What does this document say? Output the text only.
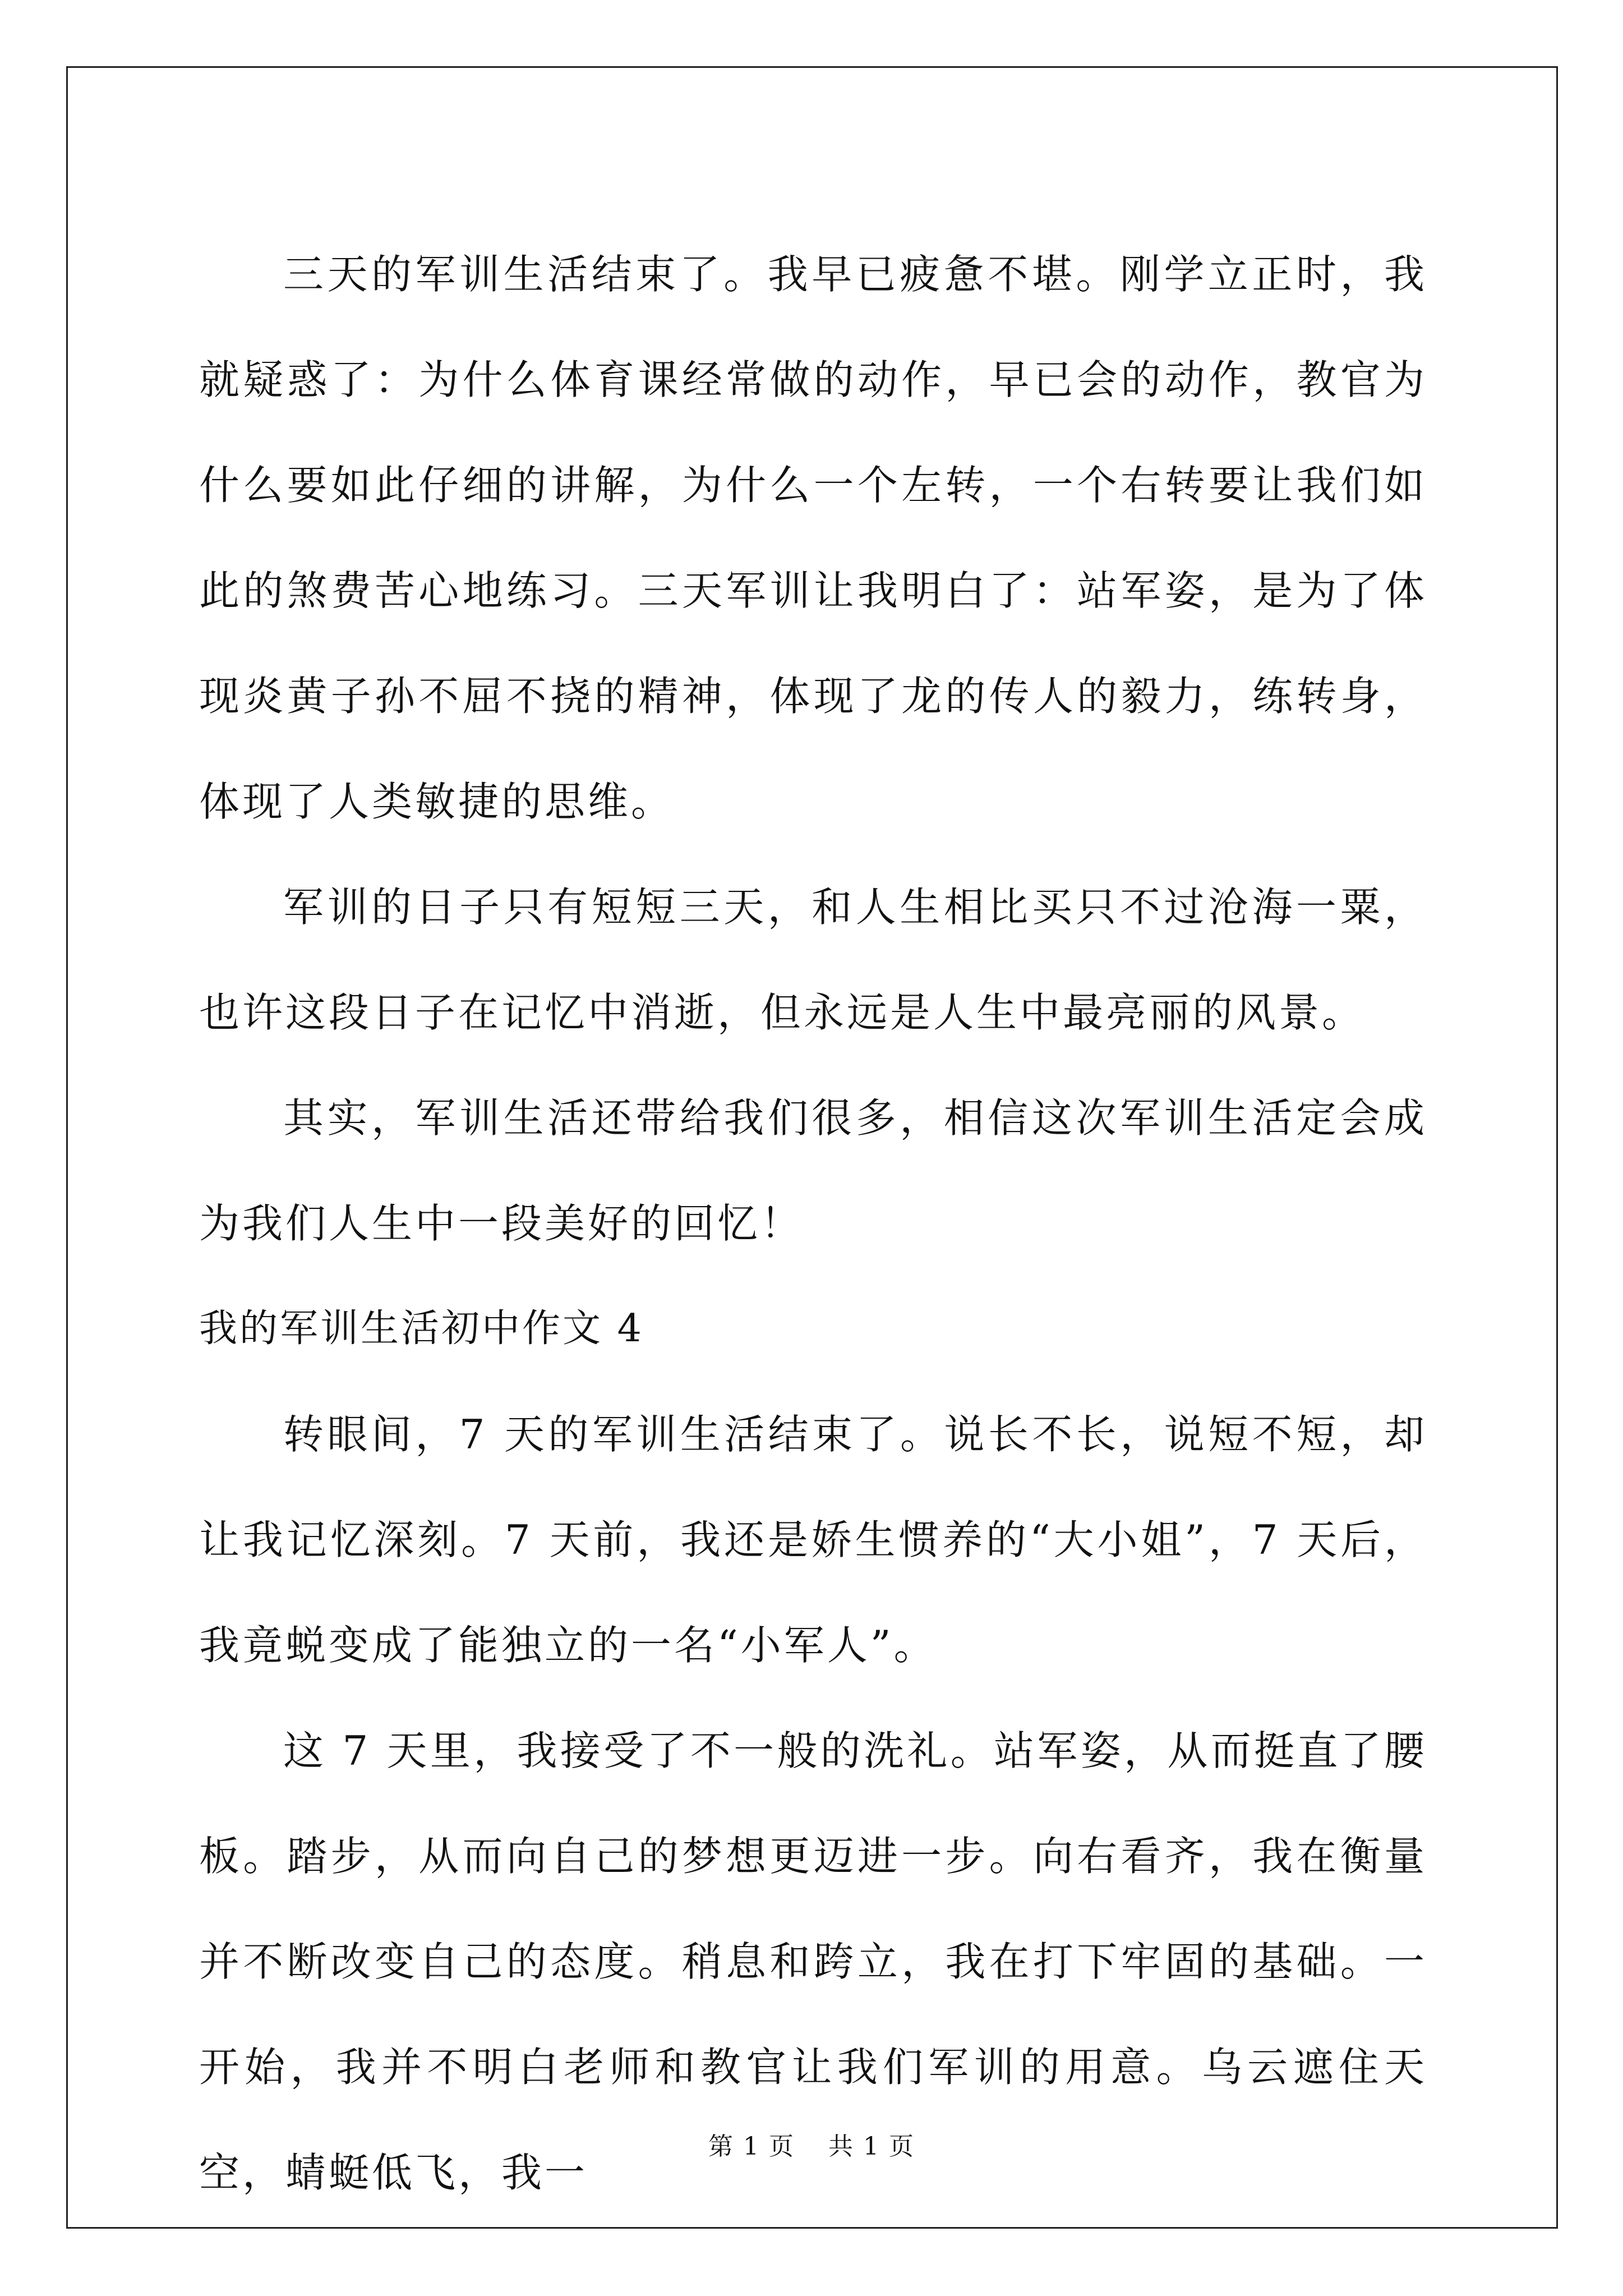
三天的军训生活结束了。我早已疲惫不堪。刚学立正时，我就疑惑了：为什么体育课经常做的动作，早已会的动作，教官为什么要如此仔细的讲解，为什么一个左转，一个右转要让我们如此的煞费苦心地练习。三天军训让我明白了：站军姿，是为了体现炎黄子孙不屈不挠的精神，体现了龙的传人的毅力，练转身，体现了人类敏捷的思维。

军训的日子只有短短三天，和人生相比买只不过沧海一粟，也许这段日子在记忆中消逝，但永远是人生中最亮丽的风景。

其实，军训生活还带给我们很多，相信这次军训生活定会成为我们人生中一段美好的回忆！

我的军训生活初中作文 4

转眼间，7 天的军训生活结束了。说长不长，说短不短，却让我记忆深刻。7 天前，我还是娇生惯养的“大小姐”，7 天后，我竟蜕变成了能独立的一名“小军人”。

这 7 天里，我接受了不一般的洗礼。站军姿，从而挺直了腰板。踏步，从而向自己的梦想更迈进一步。向右看齐，我在衡量并不断改变自己的态度。稍息和跨立，我在打下牢固的基础。一开始，我并不明白老师和教官让我们军训的用意。乌云遮住天空，蜻蜓低飞，我一

第 1 页 共 1 页
